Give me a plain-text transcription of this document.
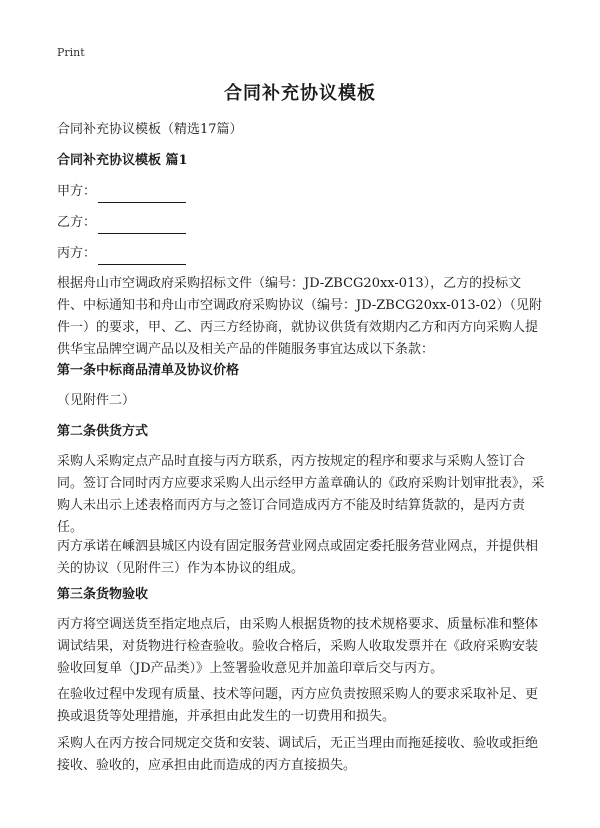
Print
合同补充协议模板
合同补充协议模板（精选17篇）
合同补充协议模板 篇1
甲方：
乙方：
丙方：
根据舟山市空调政府采购招标文件（编号：JD-ZBCG20xx-013），乙方的投标文件、中标通知书和舟山市空调政府采购协议（编号：JD-ZBCG20xx-013-02）（见附件一）的要求，甲、乙、丙三方经协商，就协议供货有效期内乙方和丙方向采购人提供华宝品牌空调产品以及相关产品的伴随服务事宜达成以下条款：
第一条中标商品清单及协议价格
（见附件二）
第二条供货方式
采购人采购定点产品时直接与丙方联系，丙方按规定的程序和要求与采购人签订合同。签订合同时丙方应要求采购人出示经甲方盖章确认的《政府采购计划审批表》，采购人未出示上述表格而丙方与之签订合同造成丙方不能及时结算货款的，是丙方责任。
丙方承诺在嵊泗县城区内设有固定服务营业网点或固定委托服务营业网点，并提供相关的协议（见附件三）作为本协议的组成。
第三条货物验收
丙方将空调送货至指定地点后，由采购人根据货物的技术规格要求、质量标准和整体调试结果，对货物进行检查验收。验收合格后，采购人收取发票并在《政府采购安装验收回复单（JD产品类）》上签署验收意见并加盖印章后交与丙方。
在验收过程中发现有质量、技术等问题，丙方应负责按照采购人的要求采取补足、更换或退货等处理措施，并承担由此发生的一切费用和损失。
采购人在丙方按合同规定交货和安装、调试后，无正当理由而拖延接收、验收或拒绝接收、验收的，应承担由此而造成的丙方直接损失。
